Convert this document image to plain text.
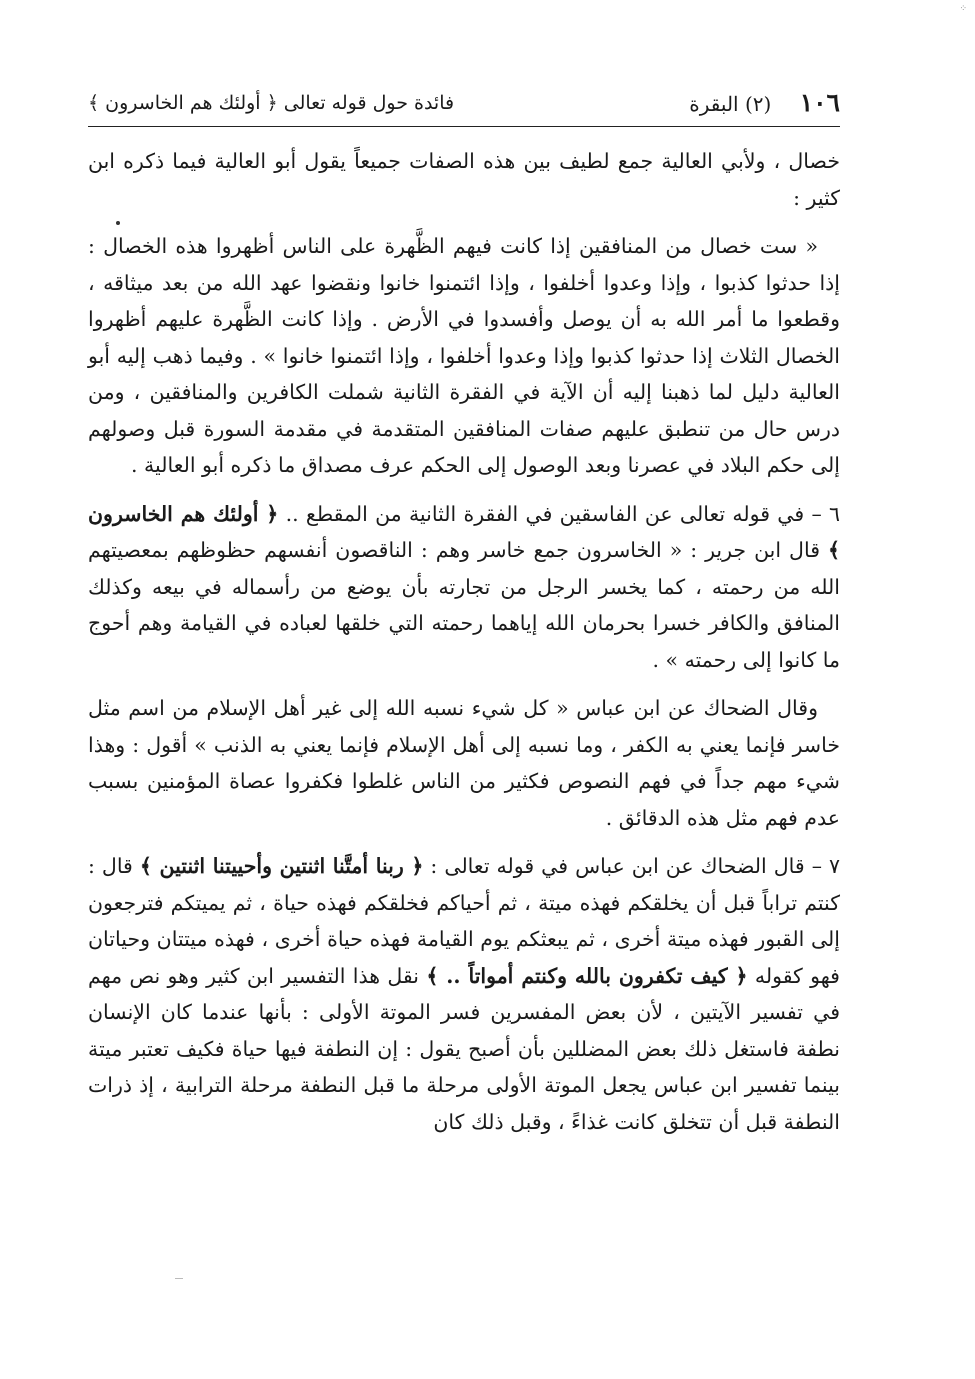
⁘
١٠٦ (٢) البقرة
فائدة حول قوله تعالى ﴿ أولئك هم الخاسرون ﴾

خصال ، ولأبي العالية جمع لطيف بين هذه الصفات جميعاً يقول أبو العالية فيما ذكره ابن كثير :

« ست خصال من المنافقين إذا كانت فيهم الظَّهرة على الناس أظهروا هذه الخصال : إذا حدثوا كذبوا ، وإذا وعدوا أخلفوا ، وإذا ائتمنوا خانوا ونقضوا عهد الله من بعد ميثاقه ، وقطعوا ما أمر الله به أن يوصل وأفسدوا في الأرض . وإذا كانت الظَّهرة عليهم أظهروا الخصال الثلاث إذا حدثوا كذبوا وإذا وعدوا أخلفوا ، وإذا ائتمنوا خانوا » . وفيما ذهب إليه أبو العالية دليل لما ذهبنا إليه أن الآية في الفقرة الثانية شملت الكافرين والمنافقين ، ومن درس حال من تنطبق عليهم صفات المنافقين المتقدمة في مقدمة السورة قبل وصولهم إلى حكم البلاد في عصرنا وبعد الوصول إلى الحكم عرف مصداق ما ذكره أبو العالية .

٦ – في قوله تعالى عن الفاسقين في الفقرة الثانية من المقطع .. ﴿ أولئك هم الخاسرون ﴾ قال ابن جرير : « الخاسرون جمع خاسر وهم : الناقصون أنفسهم حظوظهم بمعصيتهم الله من رحمته ، كما يخسر الرجل من تجارته بأن يوضع من رأسماله في بيعه وكذلك المنافق والكافر خسرا بحرمان الله إياهما رحمته التي خلقها لعباده في القيامة وهم أحوج ما كانوا إلى رحمته » .

وقال الضحاك عن ابن عباس « كل شيء نسبه الله إلى غير أهل الإسلام من اسم مثل خاسر فإنما يعني به الكفر ، وما نسبه إلى أهل الإسلام فإنما يعني به الذنب » أقول : وهذا شيء مهم جداً في فهم النصوص فكثير من الناس غلطوا فكفروا عصاة المؤمنين بسبب عدم فهم مثل هذه الدقائق .

٧ – قال الضحاك عن ابن عباس في قوله تعالى : ﴿ ربنا أمتَّنا اثنتين وأحييتنا اثنتين ﴾ قال : كنتم تراباً قبل أن يخلقكم فهذه ميتة ، ثم أحياكم فخلقكم فهذه حياة ، ثم يميتكم فترجعون إلى القبور فهذه ميتة أخرى ، ثم يبعثكم يوم القيامة فهذه حياة أخرى ، فهذه ميتتان وحياتان فهو كقوله ﴿ كيف تكفرون بالله وكنتم أمواتاً .. ﴾ نقل هذا التفسير ابن كثير وهو نص مهم في تفسير الآيتين ، لأن بعض المفسرين فسر الموتة الأولى : بأنها عندما كان الإنسان نطفة فاستغل ذلك بعض المضللين بأن أصبح يقول : إن النطفة فيها حياة فكيف تعتبر ميتة بينما تفسير ابن عباس يجعل الموتة الأولى مرحلة ما قبل النطفة مرحلة الترابية ، إذ ذرات النطفة قبل أن تتخلق كانت غذاءً ، وقبل ذلك كان
